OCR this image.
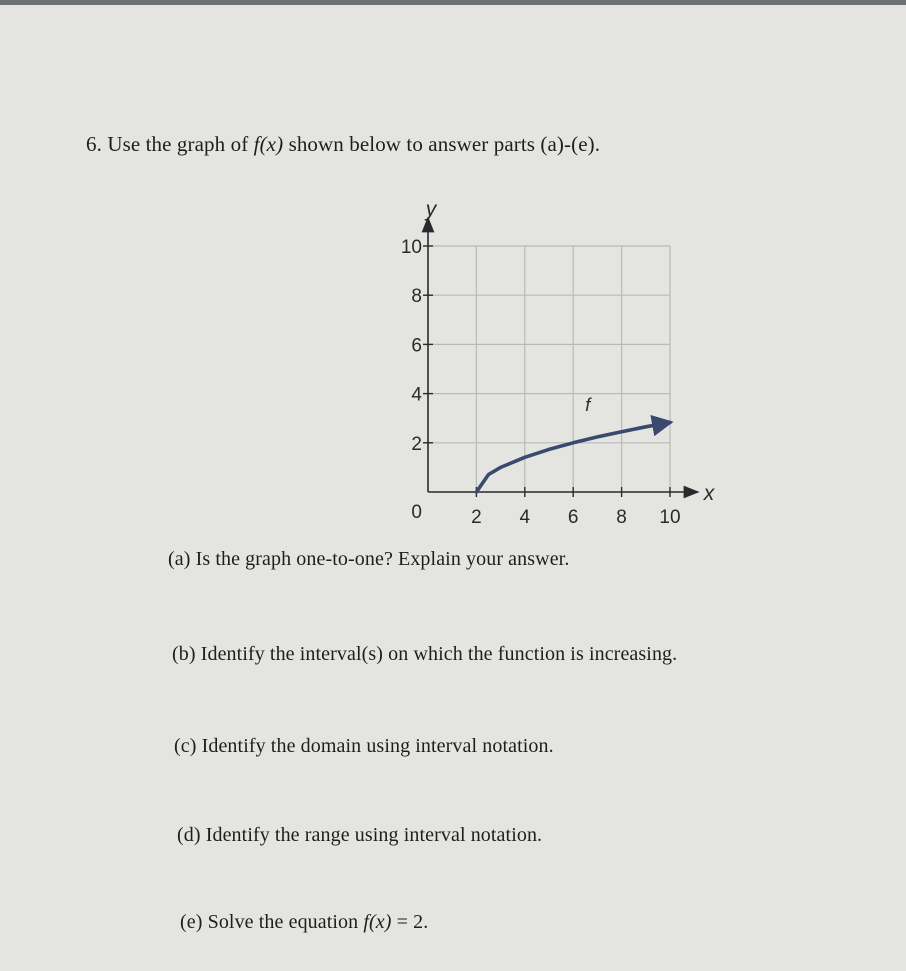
6. Use the graph of f(x) shown below to answer parts (a)-(e).
2 4 6 8 10
2
4
6
8
10
0
y
x
f
(a) Is the graph one-to-one? Explain your answer.
(b) Identify the interval(s) on which the function is increasing.
(c) Identify the domain using interval notation.
(d) Identify the range using interval notation.
(e) Solve the equation f(x) = 2.
